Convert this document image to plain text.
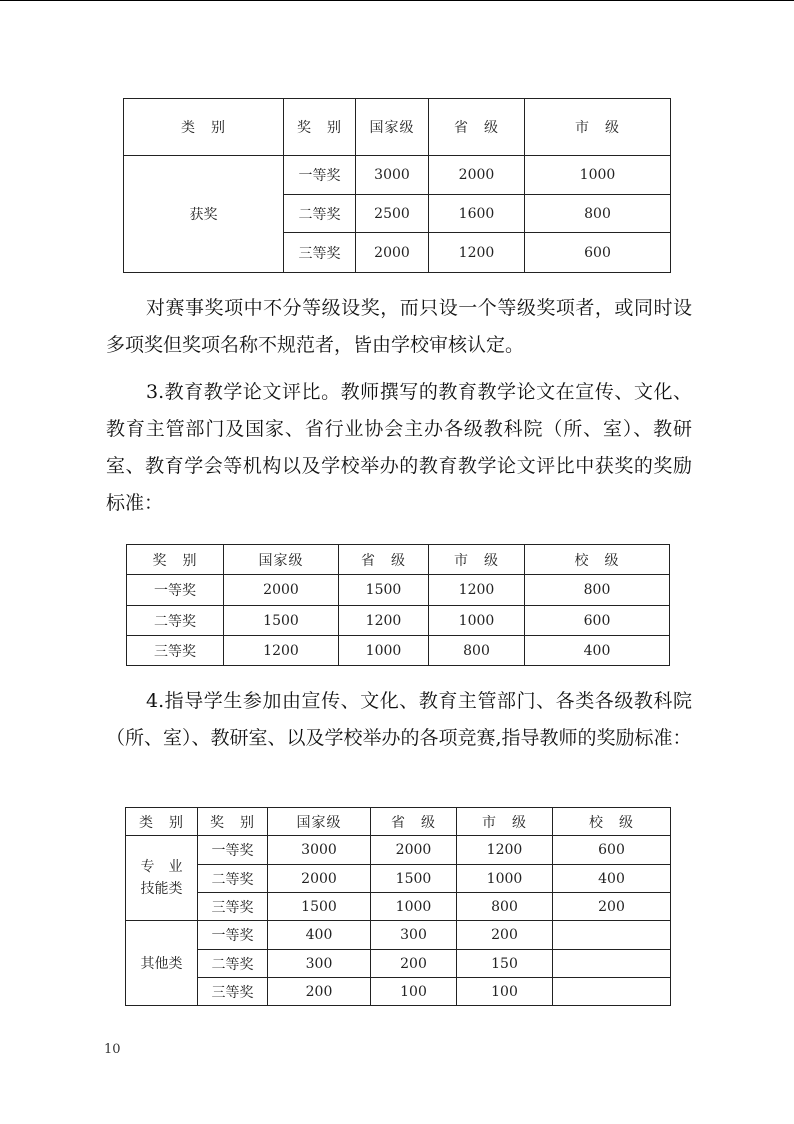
类　别	奖　别	国家级	省　级	市　级
获奖	一等奖	3000	2000	1000
	二等奖	2500	1600	800
	三等奖	2000	1200	600

对赛事奖项中不分等级设奖，而只设一个等级奖项者，或同时设多项奖但奖项名称不规范者，皆由学校审核认定。

3.教育教学论文评比。教师撰写的教育教学论文在宣传、文化、教育主管部门及国家、省行业协会主办各级教科院（所、室）、教研室、教育学会等机构以及学校举办的教育教学论文评比中获奖的奖励标准：

奖　别	国家级	省　级	市　级	校　级
一等奖	2000	1500	1200	800
二等奖	1500	1200	1000	600
三等奖	1200	1000	800	400

4.指导学生参加由宣传、文化、教育主管部门、各类各级教科院（所、室）、教研室、以及学校举办的各项竞赛,指导教师的奖励标准：

类　别	奖　别	国家级	省　级	市　级	校　级
专　业
技能类	一等奖	3000	2000	1200	600
	二等奖	2000	1500	1000	400
	三等奖	1500	1000	800	200
其他类	一等奖	400	300	200	
	二等奖	300	200	150	
	三等奖	200	100	100	
10
